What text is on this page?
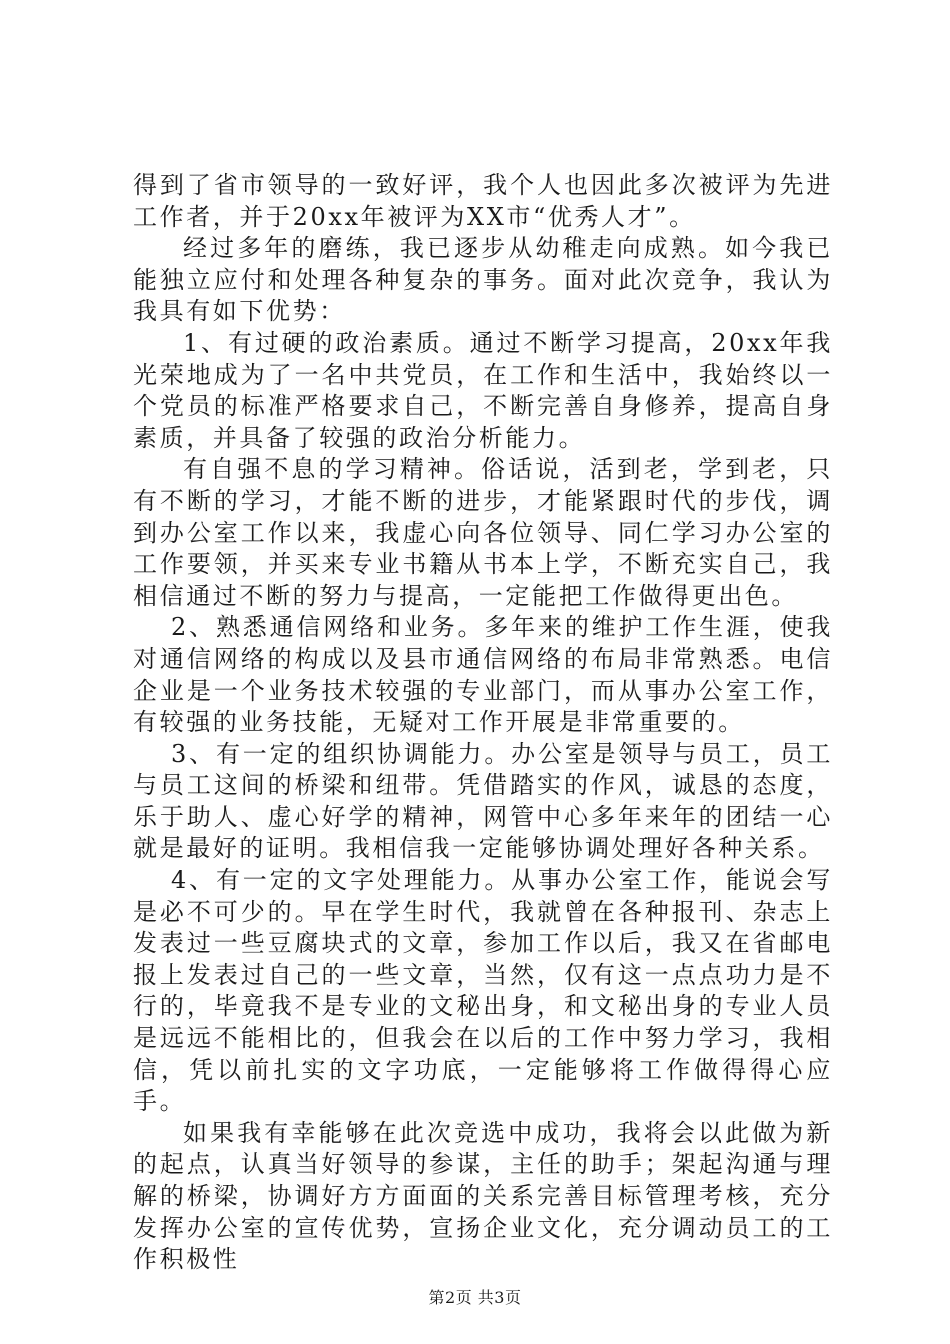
得到了省市领导的一致好评，我个人也因此多次被评为先进工作者，并于20xx年被评为XX市“优秀人才”。

经过多年的磨练，我已逐步从幼稚走向成熟。如今我已能独立应付和处理各种复杂的事务。面对此次竞争，我认为我具有如下优势：

1、有过硬的政治素质。通过不断学习提高，20xx年我光荣地成为了一名中共党员，在工作和生活中，我始终以一个党员的标准严格要求自己，不断完善自身修养，提高自身素质，并具备了较强的政治分析能力。

有自强不息的学习精神。俗话说，活到老，学到老，只有不断的学习，才能不断的进步，才能紧跟时代的步伐，调到办公室工作以来，我虚心向各位领导、同仁学习办公室的工作要领，并买来专业书籍从书本上学，不断充实自己，我相信通过不断的努力与提高，一定能把工作做得更出色。

2、熟悉通信网络和业务。多年来的维护工作生涯，使我对通信网络的构成以及县市通信网络的布局非常熟悉。电信企业是一个业务技术较强的专业部门，而从事办公室工作，有较强的业务技能，无疑对工作开展是非常重要的。

3、有一定的组织协调能力。办公室是领导与员工，员工与员工这间的桥梁和纽带。凭借踏实的作风，诚恳的态度，乐于助人、虚心好学的精神，网管中心多年来年的团结一心就是最好的证明。我相信我一定能够协调处理好各种关系。

4、有一定的文字处理能力。从事办公室工作，能说会写是必不可少的。早在学生时代，我就曾在各种报刊、杂志上发表过一些豆腐块式的文章，参加工作以后，我又在省邮电报上发表过自己的一些文章，当然，仅有这一点点功力是不行的，毕竟我不是专业的文秘出身，和文秘出身的专业人员是远远不能相比的，但我会在以后的工作中努力学习，我相信，凭以前扎实的文字功底，一定能够将工作做得得心应手。

如果我有幸能够在此次竞选中成功，我将会以此做为新的起点，认真当好领导的参谋，主任的助手；架起沟通与理解的桥梁，协调好方方面面的关系完善目标管理考核，充分发挥办公室的宣传优势，宣扬企业文化，充分调动员工的工作积极性

第2页 共3页
